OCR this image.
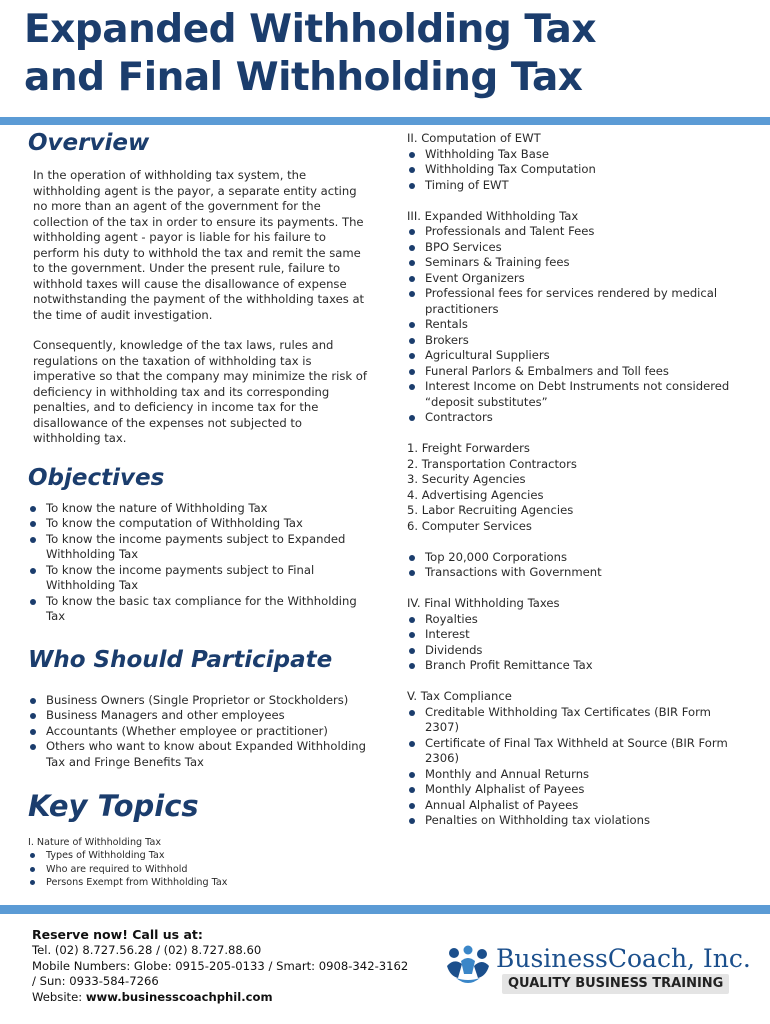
Expanded Withholding Tax
and Final Withholding Tax
Overview

In the operation of withholding tax system, the withholding agent is the payor, a separate entity acting no more than an agent of the government for the collection of the tax in order to ensure its payments. The withholding agent - payor is liable for his failure to perform his duty to withhold the tax and remit the same to the government. Under the present rule, failure to withhold taxes will cause the disallowance of expense notwithstanding the payment of the withholding taxes at the time of audit investigation.

Consequently, knowledge of the tax laws, rules and regulations on the taxation of withholding tax is imperative so that the company may minimize the risk of deficiency in withholding tax and its corresponding penalties, and to deficiency in income tax for the disallowance of the expenses not subjected to withholding tax.

Objectives
To know the nature of Withholding Tax
To know the computation of Withholding Tax
To know the income payments subject to Expanded Withholding Tax
To know the income payments subject to Final Withholding Tax
To know the basic tax compliance for the Withholding Tax
Who Should Participate
Business Owners (Single Proprietor or Stockholders)
Business Managers and other employees
Accountants (Whether employee or practitioner)
Others who want to know about Expanded Withholding Tax and Fringe Benefits Tax
Key Topics
I. Nature of Withholding Tax
Types of Withholding Tax
Who are required to Withhold
Persons Exempt from Withholding Tax
II. Computation of EWT
Withholding Tax Base
Withholding Tax Computation
Timing of EWT
III. Expanded Withholding Tax
Professionals and Talent Fees
BPO Services
Seminars & Training fees
Event Organizers
Professional fees for services rendered by medical practitioners
Rentals
Brokers
Agricultural Suppliers
Funeral Parlors & Embalmers and Toll fees
Interest Income on Debt Instruments not considered “deposit substitutes”
Contractors
1. Freight Forwarders
2. Transportation Contractors
3. Security Agencies
4. Advertising Agencies
5. Labor Recruiting Agencies
6. Computer Services
Top 20,000 Corporations
Transactions with Government
IV. Final Withholding Taxes
Royalties
Interest
Dividends
Branch Profit Remittance Tax
V. Tax Compliance
Creditable Withholding Tax Certificates (BIR Form 2307)
Certificate of Final Tax Withheld at Source (BIR Form 2306)
Monthly and Annual Returns
Monthly Alphalist of Payees
Annual Alphalist of Payees
Penalties on Withholding tax violations
Reserve now! Call us at:
Tel. (02) 8.727.56.28 / (02) 8.727.88.60
Mobile Numbers: Globe: 0915-205-0133 / Smart: 0908-342-3162
/ Sun: 0933-584-7266
Website: www.businesscoachphil.com
BusinessCoach, Inc.
QUALITY BUSINESS TRAINING
